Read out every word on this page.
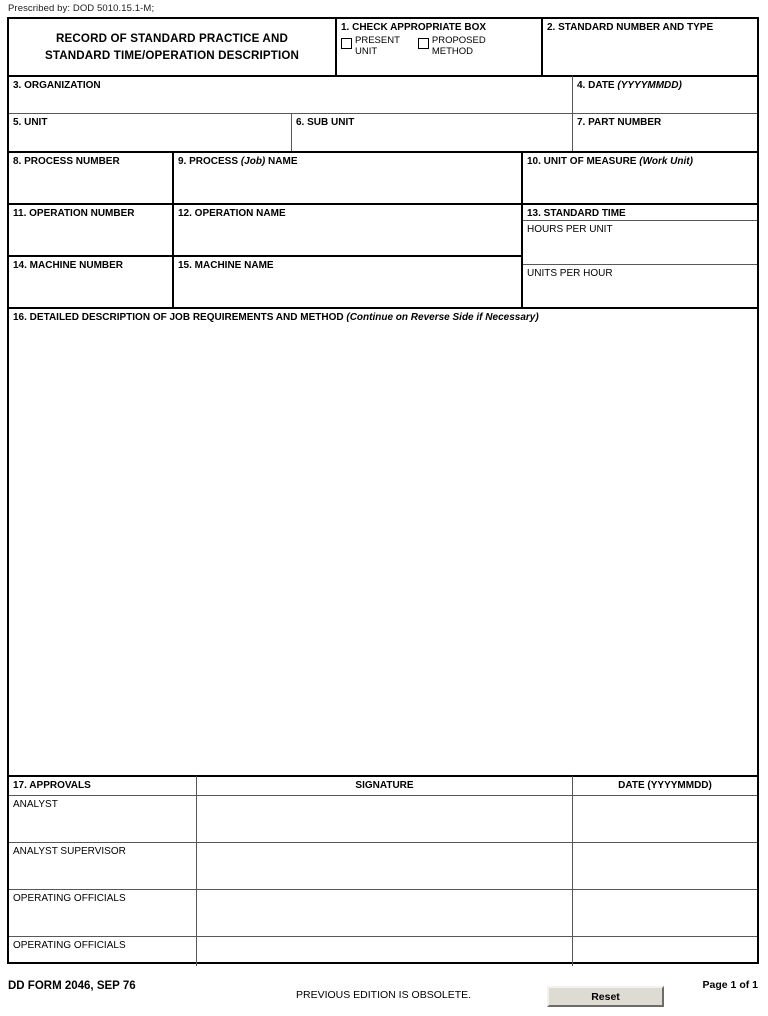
Prescribed by: DOD 5010.15.1-M;
RECORD OF STANDARD PRACTICE AND
STANDARD TIME/OPERATION DESCRIPTION
1. CHECK APPROPRIATE BOX
PRESENT
UNIT
PROPOSED
METHOD
2. STANDARD NUMBER AND TYPE
3. ORGANIZATION	4. DATE (YYYYMMDD)
5. UNIT	6. SUB UNIT	7. PART NUMBER
8. PROCESS NUMBER	9. PROCESS (Job) NAME	10. UNIT OF MEASURE (Work Unit)
11. OPERATION NUMBER	12. OPERATION NAME	13. STANDARD TIME
HOURS PER UNIT
UNITS PER HOUR
14. MACHINE NUMBER	15. MACHINE NAME
16. DETAILED DESCRIPTION OF JOB REQUIREMENTS AND METHOD (Continue on Reverse Side if Necessary)
17. APPROVALS	SIGNATURE	DATE (YYYYMMDD)
ANALYST
ANALYST SUPERVISOR
OPERATING OFFICIALS
OPERATING OFFICIALS
DD FORM 2046, SEP 76
PREVIOUS EDITION IS OBSOLETE.	Reset
Page 1 of 1
